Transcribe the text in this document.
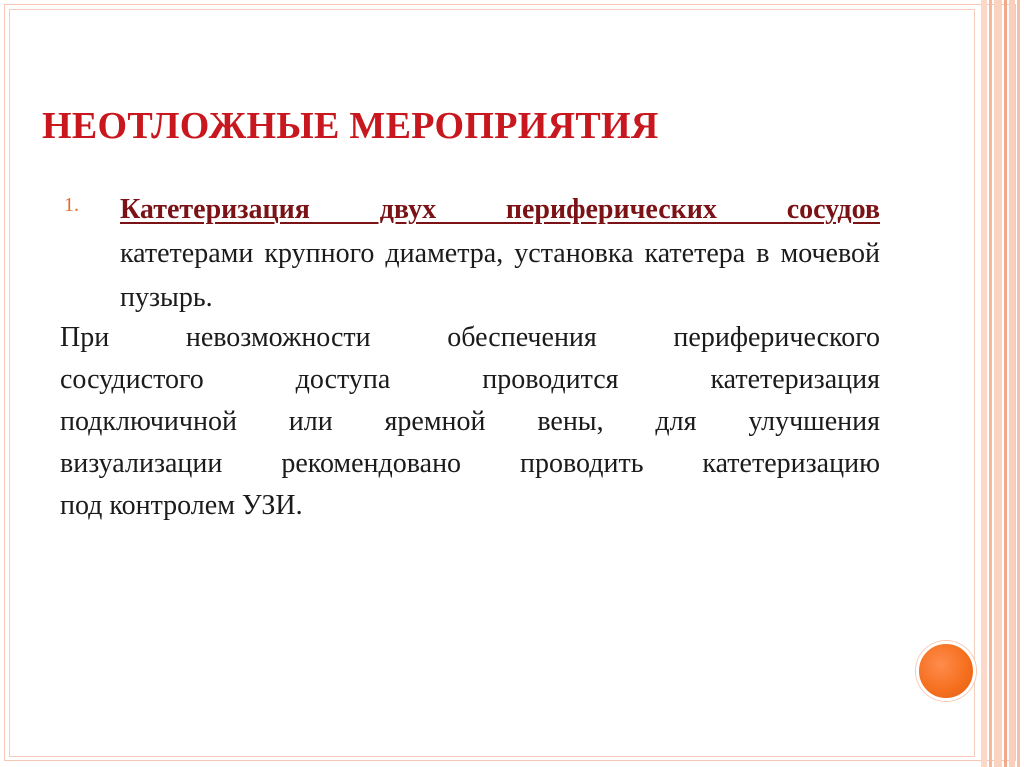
НЕОТЛОЖНЫЕ МЕРОПРИЯТИЯ
1. Катетеризация двух периферических сосудов
катетерами крупного диаметра, установка катетера в мочевой пузырь.
При невозможности обеспечения периферического
сосудистого доступа проводится катетеризация
подключичной или яремной вены, для улучшения
визуализации рекомендовано проводить катетеризацию
под контролем УЗИ.
